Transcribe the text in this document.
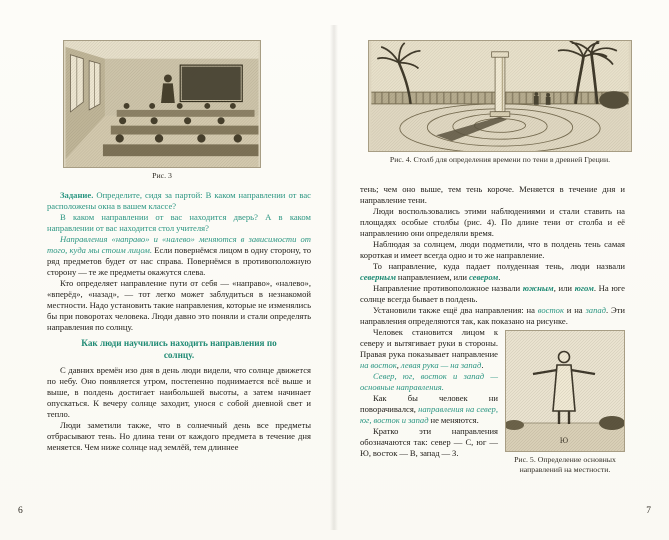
Рис. 3

Задание. Определите, сидя за партой: В каком направлении от вас расположены окна в вашем классе?

В каком направлении от вас находится дверь? А в каком направлении от вас находится стол учителя?

Направления «направо» и «налево» меняются в зависимости от того, куда мы стоим лицом. Если повернёмся лицом в одну сторону, то ряд предметов будет от нас справа. Повернёмся в противоположную сторону — те же предметы окажутся слева.

Кто определяет направление пути от себя — «направо», «налево», «вперёд», «назад», — тот легко может заблудиться в незнакомой местности. Надо установить такие направления, которые не изменялись бы при поворотах человека. Люди давно это поняли и стали определять направления по солнцу.

Как люди научились находить направления по солнцу.

С давних времён изо дня в день люди видели, что солнце движется по небу. Оно появляется утром, постепенно поднимается всё выше и выше, в полдень достигает наибольшей высоты, а затем начинает опускаться. К вечеру солнце заходит, унося с собой дневной свет и тепло.

Люди заметили также, что в солнечный день все предметы отбрасывают тень. Но длина тени от каждого предмета в течение дня меняется. Чем ниже солнце над землёй, тем длиннее

6
Рис. 4. Столб для определения времени по тени в древней Греции.

тень; чем оно выше, тем тень короче. Меняется в течение дня и направление тени.

Люди воспользовались этими наблюдениями и стали ставить на площадях особые столбы (рис. 4). По длине тени от столба и её направлению они определяли время.

Наблюдая за солнцем, люди подметили, что в полдень тень самая короткая и имеет всегда одно и то же направление.

То направление, куда падает полуденная тень, люди назвали северным направлением, или севером.

Направление противоположное назвали южным, или югом. На юге солнце всегда бывает в полдень.

Установили также ещё два направления: на восток и на запад. Эти направления определяются так, как показано на рисунке.

Рис. 5. Определение основных направлений на местности.

Человек становится лицом к северу и вытягивает руки в стороны. Правая рука показывает направление на восток, левая рука — на запад.

Север, юг, восток и запад — основные направления.

Как бы человек ни поворачивался, направления на север, юг, восток и запад не меняются.

Кратко эти направления обозначаются так: север — С, юг — Ю, восток — В, запад — З.

7
